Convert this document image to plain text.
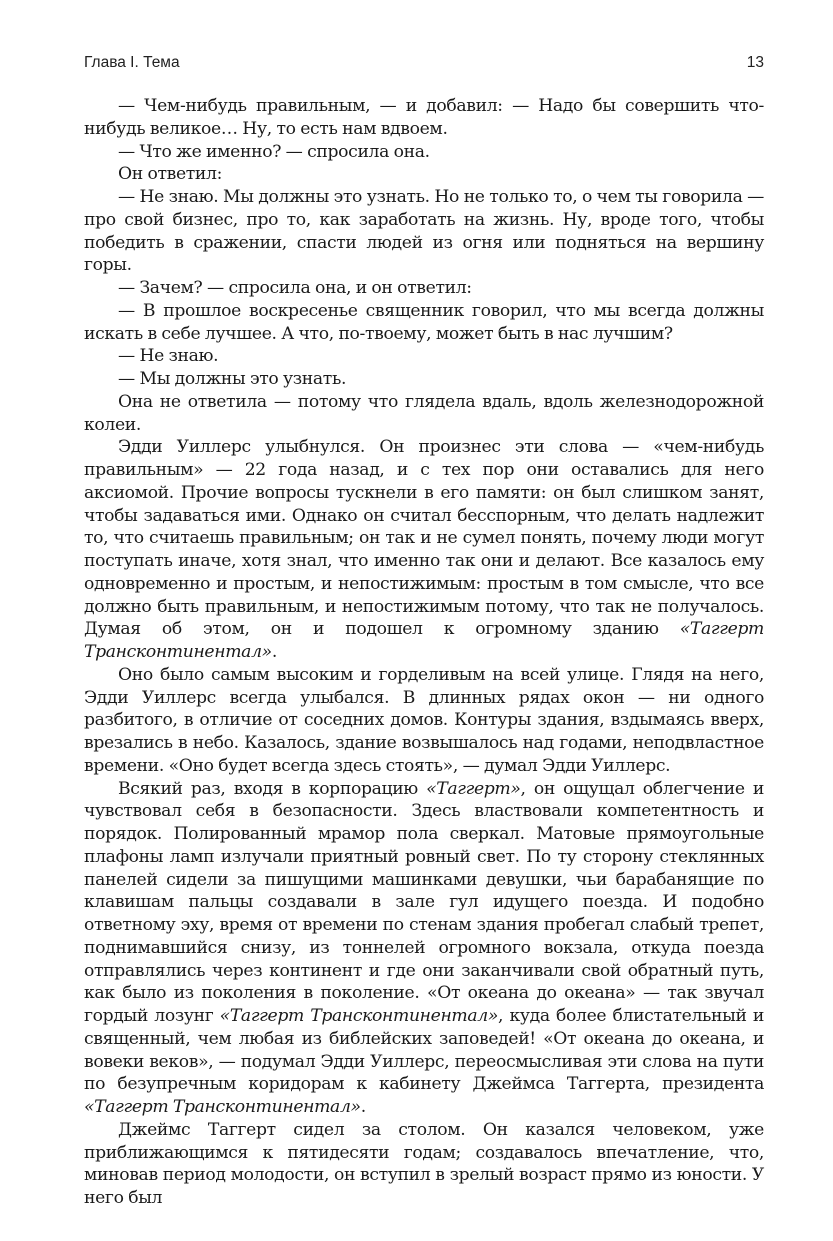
Глава I. Тема	13

— Чем-нибудь правильным, — и добавил: — Надо бы совершить что-нибудь великое… Ну, то есть нам вдвоем.

— Что же именно? — спросила она.

Он ответил:

— Не знаю. Мы должны это узнать. Но не только то, о чем ты говорила — про свой бизнес, про то, как заработать на жизнь. Ну, вроде того, чтобы победить в сражении, спасти людей из огня или подняться на вершину горы.

— Зачем? — спросила она, и он ответил:

— В прошлое воскресенье священник говорил, что мы всегда должны искать в себе лучшее. А что, по-твоему, может быть в нас лучшим?

— Не знаю.

— Мы должны это узнать.

Она не ответила — потому что глядела вдаль, вдоль железнодорожной колеи.

Эдди Уиллерс улыбнулся. Он произнес эти слова — «чем-нибудь правильным» — 22 года назад, и с тех пор они оставались для него аксиомой. Прочие вопросы тускнели в его памяти: он был слишком занят, чтобы задаваться ими. Однако он считал бесспорным, что делать надлежит то, что считаешь правильным; он так и не сумел понять, почему люди могут поступать иначе, хотя знал, что именно так они и делают. Все казалось ему одновременно и простым, и непостижимым: простым в том смысле, что все должно быть правильным, и непостижимым потому, что так не получалось. Думая об этом, он и подошел к огромному зданию «Таггерт Трансконтинентал».

Оно было самым высоким и горделивым на всей улице. Глядя на него, Эдди Уиллерс всегда улыбался. В длинных рядах окон — ни одного разбитого, в отличие от соседних домов. Контуры здания, вздымаясь вверх, врезались в небо. Казалось, здание возвышалось над годами, неподвластное времени. «Оно будет всегда здесь стоять», — думал Эдди Уиллерс.

Всякий раз, входя в корпорацию «Таггерт», он ощущал облегчение и чувствовал себя в безопасности. Здесь властвовали компетентность и порядок. Полированный мрамор пола сверкал. Матовые прямоугольные плафоны ламп излучали приятный ровный свет. По ту сторону стеклянных панелей сидели за пишущими машинками девушки, чьи барабанящие по клавишам пальцы создавали в зале гул идущего поезда. И подобно ответному эху, время от времени по стенам здания пробегал слабый трепет, поднимавшийся снизу, из тоннелей огромного вокзала, откуда поезда отправлялись через континент и где они заканчивали свой обратный путь, как было из поколения в поколение. «От океана до океана» — так звучал гордый лозунг «Таггерт Трансконтинентал», куда более блистательный и священный, чем любая из библейских заповедей! «От океана до океана, и вовеки веков», — подумал Эдди Уиллерс, переосмысливая эти слова на пути по безупречным коридорам к кабинету Джеймса Таггерта, президента «Таггерт Трансконтинентал».

Джеймс Таггерт сидел за столом. Он казался человеком, уже приближающимся к пятидесяти годам; создавалось впечатление, что, миновав период молодости, он вступил в зрелый возраст прямо из юности. У него был
